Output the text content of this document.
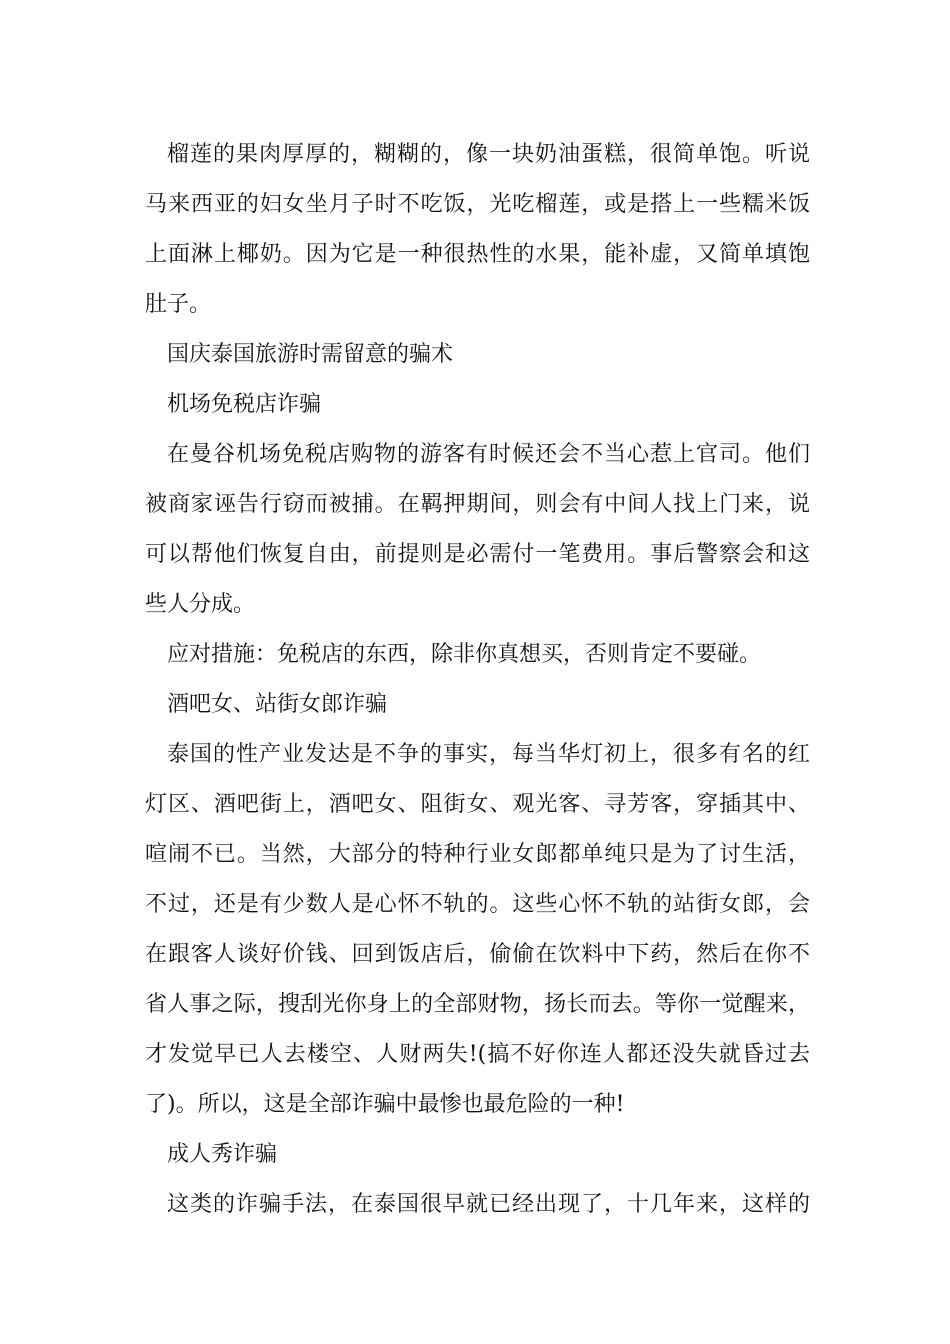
榴莲的果肉厚厚的，糊糊的，像一块奶油蛋糕，很简单饱。听说
马来西亚的妇女坐月子时不吃饭，光吃榴莲，或是搭上一些糯米饭
上面淋上椰奶。因为它是一种很热性的水果，能补虚，又简单填饱
肚子。
国庆泰国旅游时需留意的骗术
机场免税店诈骗
在曼谷机场免税店购物的游客有时候还会不当心惹上官司。他们
被商家诬告行窃而被捕。在羁押期间，则会有中间人找上门来，说
可以帮他们恢复自由，前提则是必需付一笔费用。事后警察会和这
些人分成。
应对措施：免税店的东西，除非你真想买，否则肯定不要碰。
酒吧女、站街女郎诈骗
泰国的性产业发达是不争的事实，每当华灯初上，很多有名的红
灯区、酒吧街上，酒吧女、阻街女、观光客、寻芳客，穿插其中、
喧闹不已。当然，大部分的特种行业女郎都单纯只是为了讨生活，
不过，还是有少数人是心怀不轨的。这些心怀不轨的站街女郎，会
在跟客人谈好价钱、回到饭店后，偷偷在饮料中下药，然后在你不
省人事之际，搜刮光你身上的全部财物，扬长而去。等你一觉醒来，
才发觉早已人去楼空、人财两失!(搞不好你连人都还没失就昏过去
了)。所以，这是全部诈骗中最惨也最危险的一种!
成人秀诈骗
这类的诈骗手法，在泰国很早就已经出现了，十几年来，这样的
